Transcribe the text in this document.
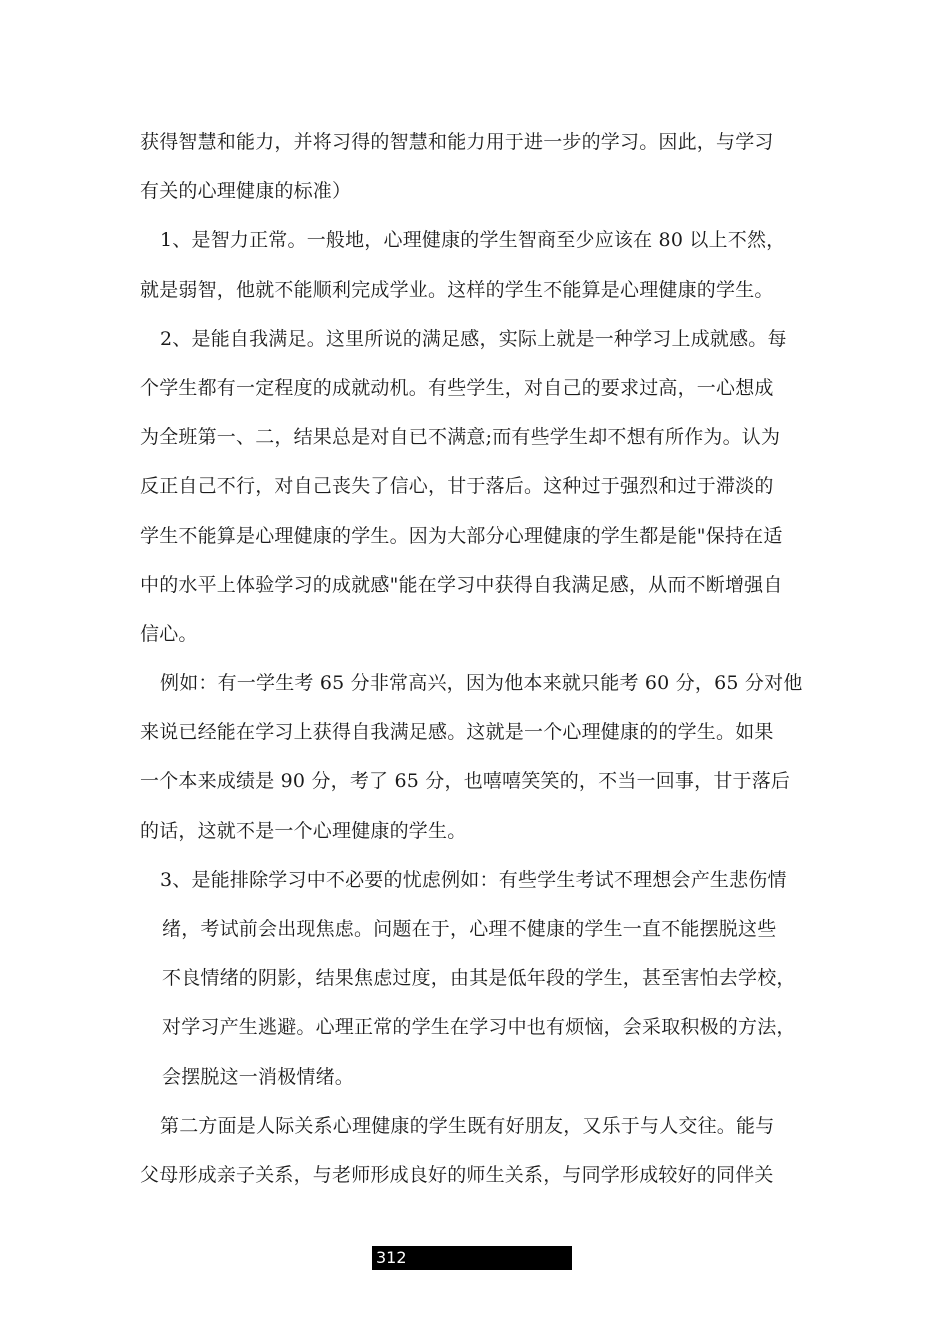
获得智慧和能力，并将习得的智慧和能力用于进一步的学习。因此，与学习
有关的心理健康的标准）
1、是智力正常。一般地，心理健康的学生智商至少应该在 80 以上不然，
就是弱智，他就不能顺利完成学业。这样的学生不能算是心理健康的学生。
2、是能自我满足。这里所说的满足感，实际上就是一种学习上成就感。每
个学生都有一定程度的成就动机。有些学生，对自己的要求过高，一心想成
为全班第一、二，结果总是对自已不满意;而有些学生却不想有所作为。认为
反正自己不行，对自己丧失了信心，甘于落后。这种过于强烈和过于滞淡的
学生不能算是心理健康的学生。因为大部分心理健康的学生都是能"保持在适
中的水平上体验学习的成就感"能在学习中获得自我满足感，从而不断增强自
信心。
例如：有一学生考 65 分非常高兴，因为他本来就只能考 60 分，65 分对他
来说已经能在学习上获得自我满足感。这就是一个心理健康的的学生。如果
一个本来成绩是 90 分，考了 65 分，也嘻嘻笑笑的，不当一回事，甘于落后
的话，这就不是一个心理健康的学生。
3、是能排除学习中不必要的忧虑例如：有些学生考试不理想会产生悲伤情
绪，考试前会出现焦虑。问题在于，心理不健康的学生一直不能摆脱这些
不良情绪的阴影，结果焦虑过度，由其是低年段的学生，甚至害怕去学校，
对学习产生逃避。心理正常的学生在学习中也有烦恼，会采取积极的方法，
会摆脱这一消极情绪。
第二方面是人际关系心理健康的学生既有好朋友，又乐于与人交往。能与
父母形成亲子关系，与老师形成良好的师生关系，与同学形成较好的同伴关
312
